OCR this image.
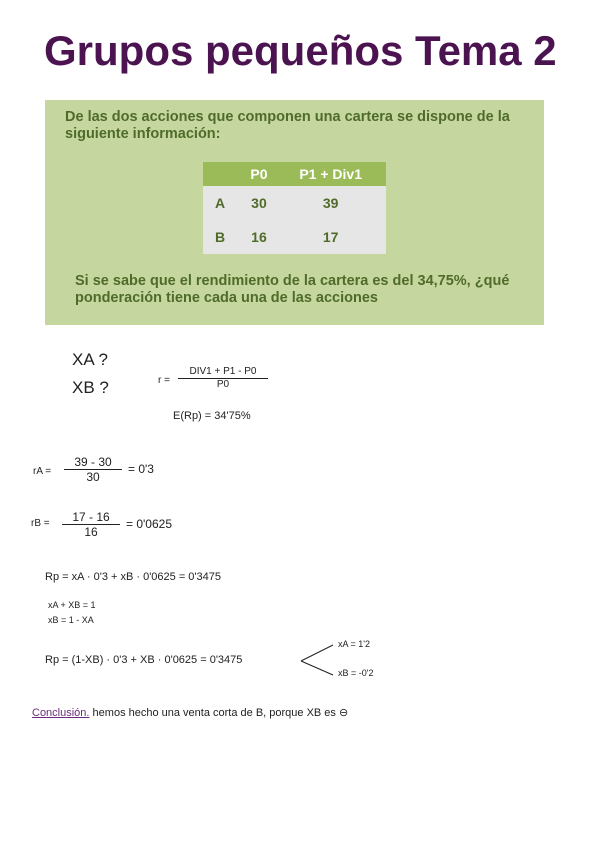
Grupos pequeños Tema 2
De las dos acciones que componen una cartera se dispone de la siguiente información:
	P0	P1 + Div1
A	30	39
B	16	17
Si se sabe que el rendimiento de la cartera es del 34,75%, ¿qué ponderación tiene cada una de las acciones
XA ?
XB ?	r =
DIV1 + P1 - P0
P0
E(Rp) = 34'75%
rA = $\frac{39 - 30}{30} = 0'3$
rB = $\frac{17 - 16}{16} = 0'0625$
Rp = xA · 0'3 + xB · 0'0625 = 0'3475
xA + XB = 1
xB = 1 - XA
Rp = (1-XB) · 0'3 + XB · 0'0625 = 0'3475
xA = 1'2
xB = -0'2
Conclusión. hemos hecho una venta corta de B, porque XB es ⊖
